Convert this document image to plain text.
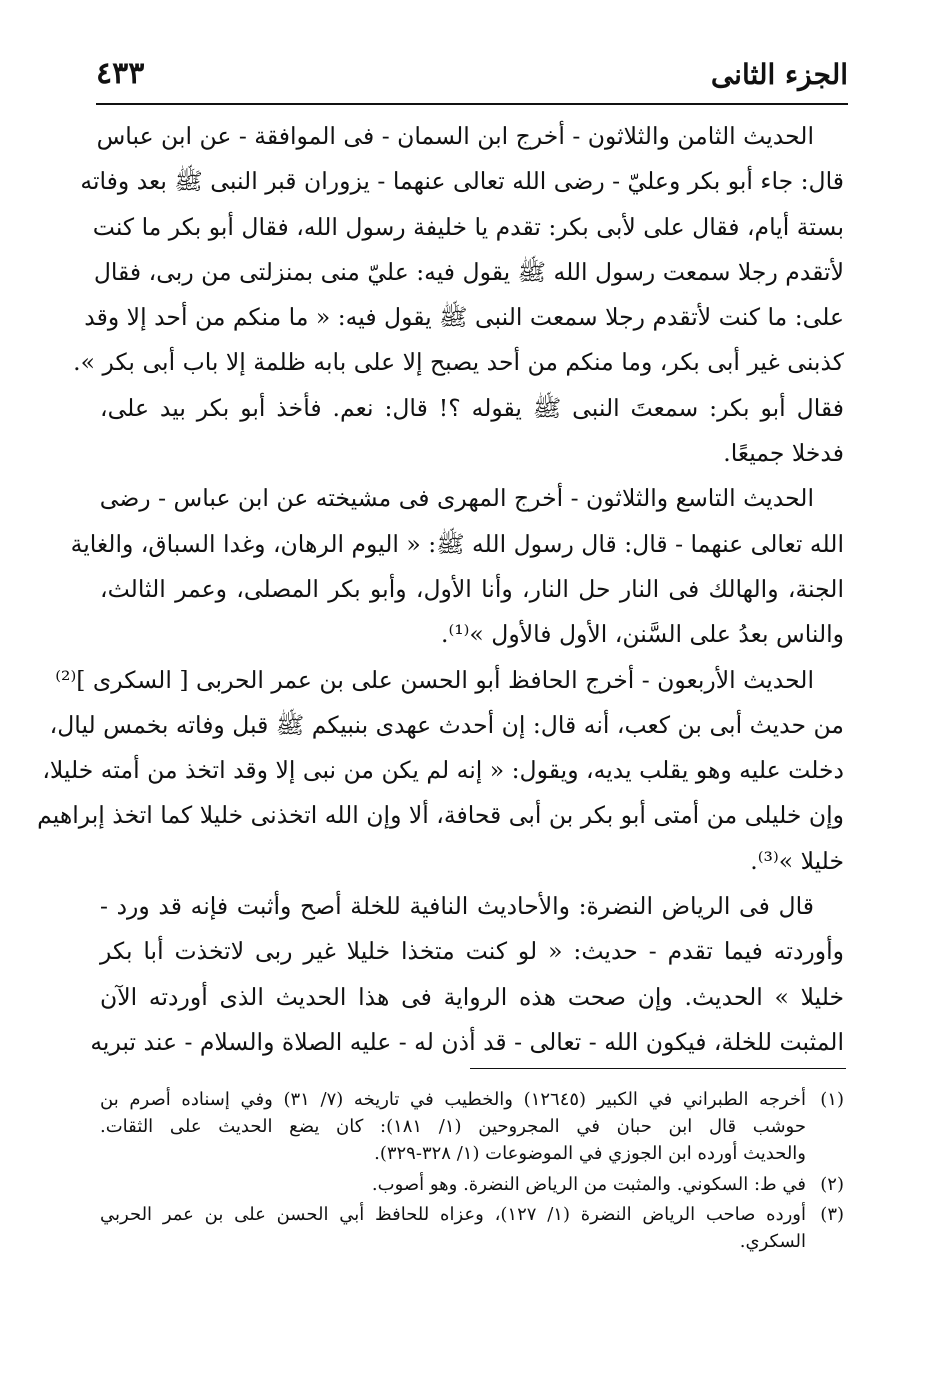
الجزء الثانى
٤٣٣
الحديث الثامن والثلاثون - أخرج ابن السمان - فى الموافقة - عن ابن عباس
قال: جاء أبو بكر وعليّ - رضى الله تعالى عنهما - يزوران قبر النبى ﷺ بعد وفاته
بستة أيام، فقال على لأبى بكر: تقدم يا خليفة رسول الله، فقال أبو بكر ما كنت
لأتقدم رجلا سمعت رسول الله ﷺ يقول فيه: عليّ منى بمنزلتى من ربى، فقال
على: ما كنت لأتقدم رجلا سمعت النبى ﷺ يقول فيه: « ما منكم من أحد إلا وقد
كذبنى غير أبى بكر، وما منكم من أحد يصبح إلا على بابه ظلمة إلا باب أبى بكر ».
فقال أبو بكر: سمعتَ النبى ﷺ يقوله ؟! قال: نعم. فأخذ أبو بكر بيد على،
فدخلا جميعًا.
الحديث التاسع والثلاثون - أخرج المهرى فى مشيخته عن ابن عباس - رضى
الله تعالى عنهما - قال: قال رسول الله ﷺ: « اليوم الرهان، وغدا السباق، والغاية
الجنة، والهالك فى النار حل النار، وأنا الأول، وأبو بكر المصلى، وعمر الثالث،
والناس بعدُ على السَّنن، الأول فالأول »⁽¹⁾.
الحديث الأربعون - أخرج الحافظ أبو الحسن على بن عمر الحربى [ السكرى ]⁽²⁾
من حديث أبى بن كعب، أنه قال: إن أحدث عهدى بنبيكم ﷺ قبل وفاته بخمس ليال،
دخلت عليه وهو يقلب يديه، ويقول: « إنه لم يكن من نبى إلا وقد اتخذ من أمته خليلا،
وإن خليلى من أمتى أبو بكر بن أبى قحافة، ألا وإن الله اتخذنى خليلا كما اتخذ إبراهيم
خليلا »⁽³⁾.
قال فى الرياض النضرة: والأحاديث النافية للخلة أصح وأثبت فإنه قد ورد -
وأوردته فيما تقدم - حديث: « لو كنت متخذا خليلا غير ربى لاتخذت أبا بكر
خليلا » الحديث. وإن صحت هذه الرواية فى هذا الحديث الذى أوردته الآن
المثبت للخلة، فيكون الله - تعالى - قد أذن له - عليه الصلاة والسلام - عند تبريه
(١)أخرجه الطبراني في الكبير (١٢٦٤٥) والخطيب في تاريخه (٧/ ٣١) وفي إسناده أصرم بن
حوشب قال ابن حبان في المجروحين (١/ ١٨١): كان يضع الحديث على الثقات.
والحديث أورده ابن الجوزي في الموضوعات (١/ ٣٢٨-٣٢٩).
(٢)في ط: السكوني. والمثبت من الرياض النضرة. وهو أصوب.
(٣)أورده صاحب الرياض النضرة (١/ ١٢٧)، وعزاه للحافظ أبي الحسن على بن عمر الحربي
السكري.
